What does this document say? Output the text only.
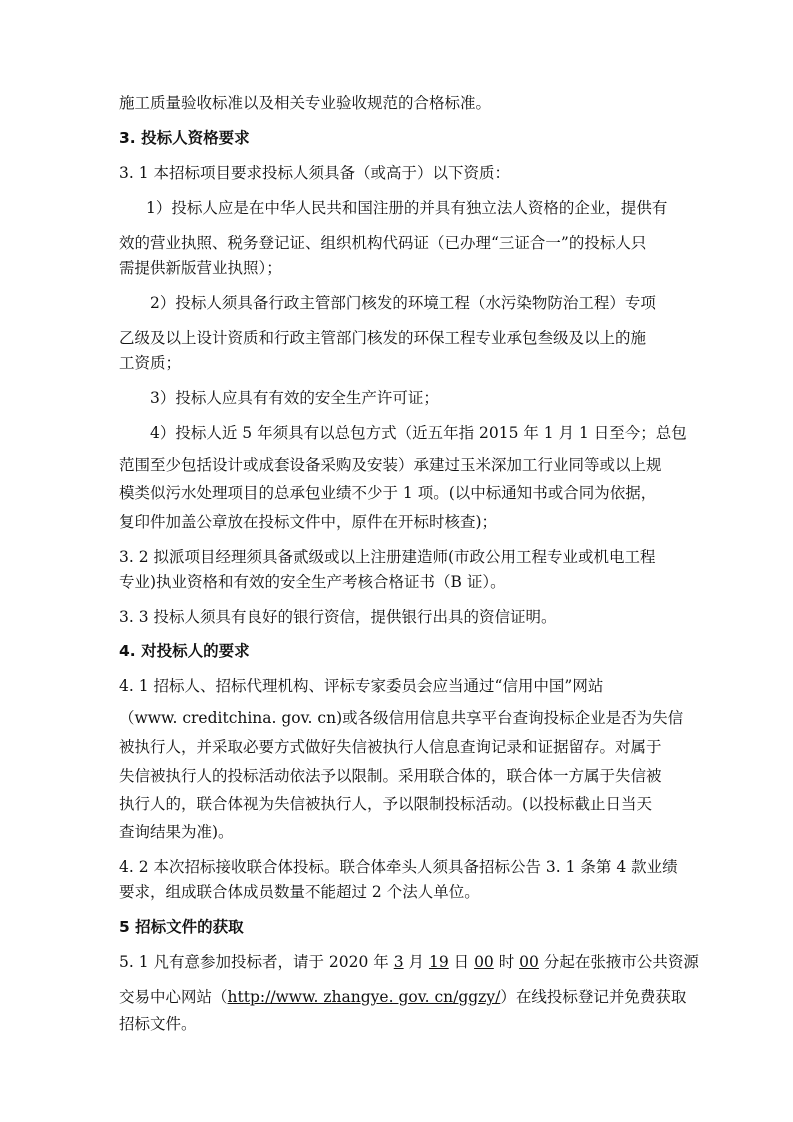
施工质量验收标准以及相关专业验收规范的合格标准。
3. 投标人资格要求
3. 1 本招标项目要求投标人须具备（或高于）以下资质：
1）投标人应是在中华人民共和国注册的并具有独立法人资格的企业，提供有
效的营业执照、税务登记证、组织机构代码证（已办理“三证合一”的投标人只
需提供新版营业执照）；
2）投标人须具备行政主管部门核发的环境工程（水污染物防治工程）专项
乙级及以上设计资质和行政主管部门核发的环保工程专业承包叁级及以上的施
工资质；
3）投标人应具有有效的安全生产许可证；
4）投标人近 5 年须具有以总包方式（近五年指 2015 年 1 月 1 日至今；总包
范围至少包括设计或成套设备采购及安装）承建过玉米深加工行业同等或以上规
模类似污水处理项目的总承包业绩不少于 1 项。(以中标通知书或合同为依据，
复印件加盖公章放在投标文件中，原件在开标时核查)；
3. 2 拟派项目经理须具备贰级或以上注册建造师(市政公用工程专业或机电工程
专业)执业资格和有效的安全生产考核合格证书（B 证）。
3. 3 投标人须具有良好的银行资信，提供银行出具的资信证明。
4. 对投标人的要求
4. 1 招标人、招标代理机构、评标专家委员会应当通过“信用中国”网站
（www. creditchina. gov. cn)或各级信用信息共享平台查询投标企业是否为失信
被执行人，并采取必要方式做好失信被执行人信息查询记录和证据留存。对属于
失信被执行人的投标活动依法予以限制。采用联合体的，联合体一方属于失信被
执行人的，联合体视为失信被执行人，予以限制投标活动。(以投标截止日当天
查询结果为准)。
4. 2 本次招标接收联合体投标。联合体牵头人须具备招标公告 3. 1 条第 4 款业绩
要求，组成联合体成员数量不能超过 2 个法人单位。
5 招标文件的获取
5. 1 凡有意参加投标者，请于 2020 年 3 月 19 日 00 时 00 分起在张掖市公共资源
交易中心网站（http://www. zhangye. gov. cn/ggzy/）在线投标登记并免费获取
招标文件。
